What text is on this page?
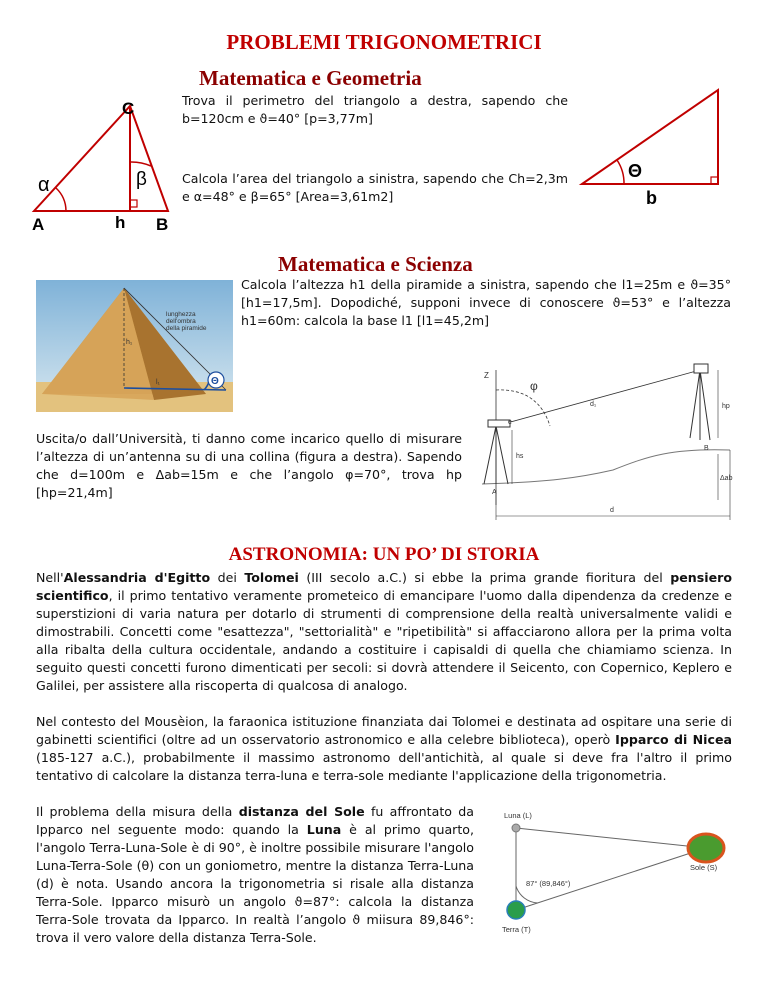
PROBLEMI TRIGONOMETRICI
Matematica e Geometria
C
α	β
A	h B
Trova il perimetro del triangolo a destra, sapendo che b=120cm e ϑ=40° [p=3,77m]
Calcola l’area del triangolo a sinistra, sapendo che Ch=2,3m e α=48° e β=65° [Area=3,61m2]
Θ
b
Matematica e Scienza
Θ
lunghezza
dell'ombra
della piramide
h₁
l₁
Calcola l’altezza h1 della piramide a sinistra, sapendo che l1=25m e ϑ=35° [h1=17,5m]. Dopodiché, supponi invece di conoscere ϑ=53° e l’altezza h1=60m: calcola la base l1 [l1=45,2m]
Z
φ
d₁	hp
e
B
hs
A
Δab
d
Uscita/o dall’Università, ti danno come incarico quello di misurare l’altezza di un’antenna su di una collina (figura a destra). Sapendo che d=100m e Δab=15m e che l’angolo φ=70°, trova hp [hp=21,4m]
ASTRONOMIA: UN PO’ DI STORIA
Nell'Alessandria d'Egitto dei Tolomei (III secolo a.C.) si ebbe la prima grande fioritura del pensiero scientifico, il primo tentativo veramente prometeico di emancipare l'uomo dalla dipendenza da credenze e superstizioni di varia natura per dotarlo di strumenti di comprensione della realtà universalmente validi e dimostrabili. Concetti come "esattezza", "settorialità" e "ripetibilità" si affacciarono allora per la prima volta alla ribalta della cultura occidentale, andando a costituire i capisaldi di quella che chiamiamo scienza. In seguito questi concetti furono dimenticati per secoli: si dovrà attendere il Seicento, con Copernico, Keplero e Galilei, per assistere alla riscoperta di qualcosa di analogo.
Nel contesto del Mousèion, la faraonica istituzione finanziata dai Tolomei e destinata ad ospitare una serie di gabinetti scientifici (oltre ad un osservatorio astronomico e alla celebre biblioteca), operò Ipparco di Nicea (185-127 a.C.), probabilmente il massimo astronomo dell'antichità, al quale si deve fra l'altro il primo tentativo di calcolare la distanza terra-luna e terra-sole mediante l'applicazione della trigonometria.
Il problema della misura della distanza del Sole fu affrontato da Ipparco nel seguente modo: quando la Luna è al primo quarto, l'angolo Terra-Luna-Sole è di 90°, è inoltre possibile misurare l'angolo Luna-Terra-Sole (θ) con un goniometro, mentre la distanza Terra-Luna (d) è nota. Usando ancora la trigonometria si risale alla distanza Terra-Sole. Ipparco misurò un angolo ϑ=87°: calcola la distanza Terra-Sole trovata da Ipparco. In realtà l’angolo ϑ miisura 89,846°: trova il vero valore della distanza Terra-Sole.
Luna (L)
Sole (S)
Terra (T)
87° (89,846°)
